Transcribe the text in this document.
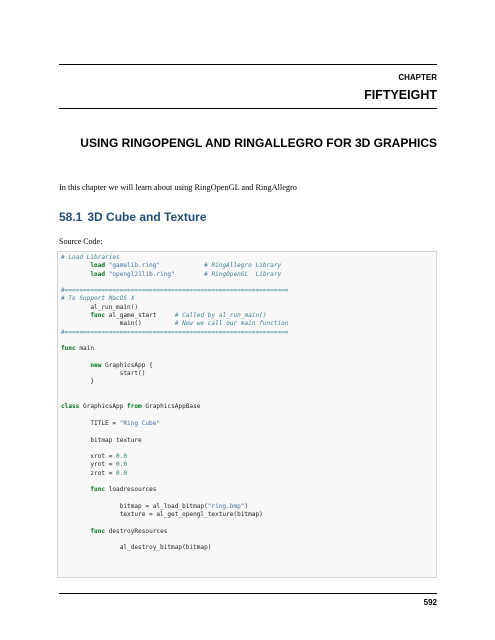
CHAPTER
FIFTYEIGHT
USING RINGOPENGL AND RINGALLEGRO FOR 3D GRAPHICS
In this chapter we will learn about using RingOpenGL and RingAllegro
58.1 3D Cube and Texture
Source Code:
# Load Libraries
load "gamelib.ring"	# RingAllegro Library
load "opengl21lib.ring"	# RingOpenGL  Library
#=============================================================
# To Support MacOS X
al_run_main()
func al_game_start     # Called by al_run_main()
main()         # Now we call our main function
#=============================================================
func main
new GraphicsApp {
start()
}
class GraphicsApp from GraphicsAppBase
TITLE = "Ring Cube"
bitmap texture
xrot = 0.0
yrot = 0.0
zrot = 0.0
func loadresources
bitmap = al_load_bitmap("ring.bmp")
texture = al_get_opengl_texture(bitmap)
func destroyResources
al_destroy_bitmap(bitmap)
592
